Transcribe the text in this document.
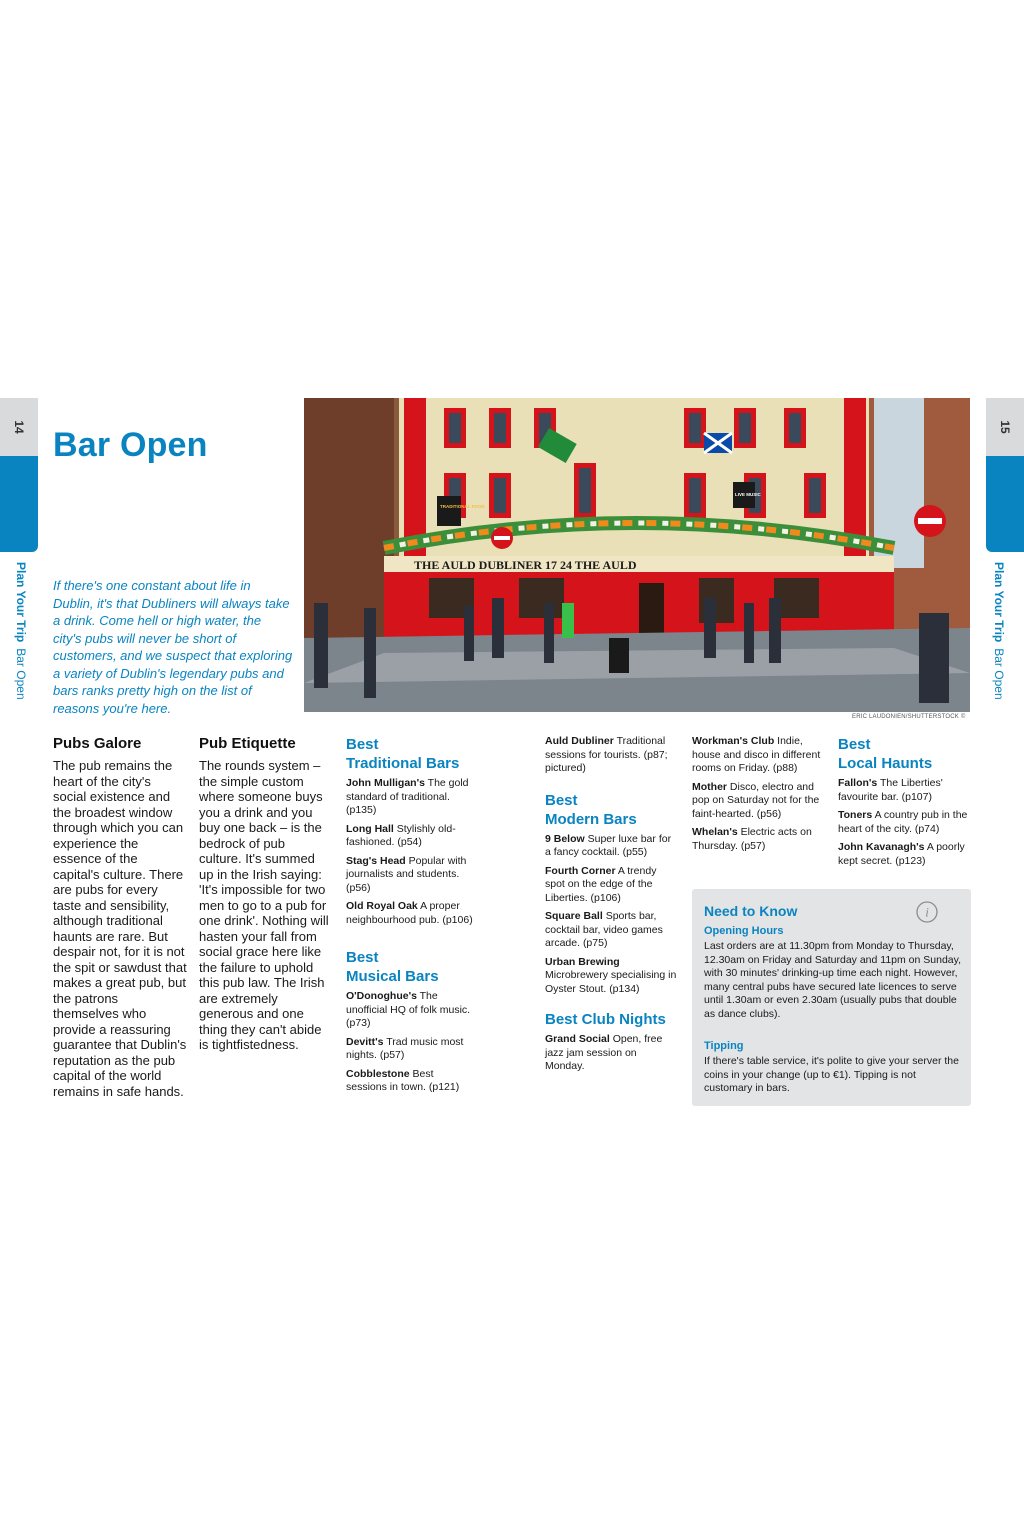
14
Plan Your TripBar Open
15
Plan Your TripBar Open
Bar Open
If there's one constant about life in Dublin, it's that Dubliners will always take a drink. Come hell or high water, the city's pubs will never be short of customers, and we suspect that exploring a variety of Dublin's legendary pubs and bars ranks pretty high on the list of reasons you're here.
THE AULD DUBLINER 17 24 THE AULD
TRADITIONAL FOOD
LIVE MUSIC
ERIC LAUDONIEN/SHUTTERSTOCK ©
Pubs Galore
The pub remains the heart of the city's social existence and the broadest window through which you can experience the essence of the capital's culture. There are pubs for every taste and sensibility, although traditional haunts are rare. But despair not, for it is not the spit or sawdust that makes a great pub, but the patrons themselves who provide a reassuring guarantee that Dublin's reputation as the pub capital of the world remains in safe hands.
Pub Etiquette
The rounds system – the simple custom where someone buys you a drink and you buy one back – is the bedrock of pub culture. It's summed up in the Irish saying: 'It's impossible for two men to go to a pub for one drink'. Nothing will hasten your fall from social grace here like the failure to uphold this pub law. The Irish are extremely generous and one thing they can't abide is tightfistedness.
Best
Traditional Bars
John Mulligan's The gold standard of traditional. (p135)
Long Hall Stylishly old-fashioned. (p54)
Stag's Head Popular with journalists and students. (p56)
Old Royal Oak A proper neighbourhood pub. (p106)
Best
Musical Bars
O'Donoghue's The unofficial HQ of folk music. (p73)
Devitt's Trad music most nights. (p57)
Cobblestone Best sessions in town. (p121)
Auld Dubliner Traditional sessions for tourists. (p87; pictured)
Best
Modern Bars
9 Below Super luxe bar for a fancy cocktail. (p55)
Fourth Corner A trendy spot on the edge of the Liberties. (p106)
Square Ball Sports bar, cocktail bar, video games arcade. (p75)
Urban Brewing Microbrewery specialising in Oyster Stout. (p134)
Best Club Nights
Grand Social Open, free jazz jam session on Monday.
Workman's Club Indie, house and disco in different rooms on Friday. (p88)
Mother Disco, electro and pop on Saturday not for the faint-hearted. (p56)
Whelan's Electric acts on Thursday. (p57)
Best
Local Haunts
Fallon's The Liberties' favourite bar. (p107)
Toners A country pub in the heart of the city. (p74)
John Kavanagh's A poorly kept secret. (p123)
Need to Know	i
Opening Hours
Last orders are at 11.30pm from Monday to Thursday, 12.30am on Friday and Saturday and 11pm on Sunday, with 30 minutes' drinking-up time each night. However, many central pubs have secured late licences to serve until 1.30am or even 2.30am (usually pubs that double as dance clubs).
Tipping
If there's table service, it's polite to give your server the coins in your change (up to €1). Tipping is not customary in bars.
